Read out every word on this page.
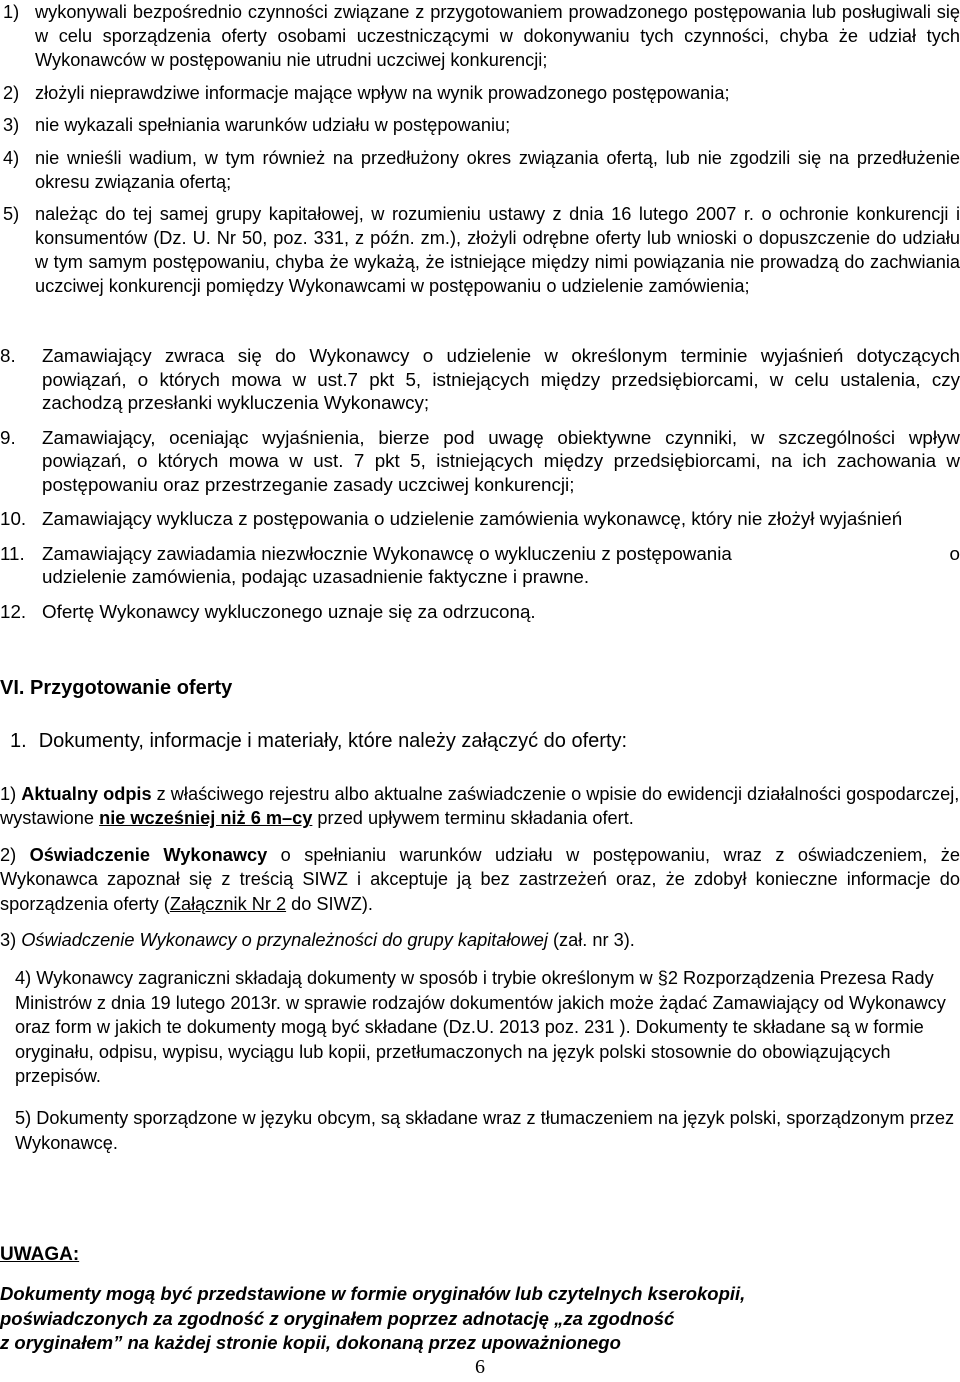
1) wykonywali bezpośrednio czynności związane z przygotowaniem prowadzonego postępowania lub posługiwali się w celu sporządzenia oferty osobami uczestniczącymi w dokonywaniu tych czynności, chyba że udział tych Wykonawców w postępowaniu nie utrudni uczciwej konkurencji;
2) złożyli nieprawdziwe informacje mające wpływ na wynik prowadzonego postępowania;
3) nie wykazali spełniania warunków udziału w postępowaniu;
4) nie wnieśli wadium, w tym również na przedłużony okres związania ofertą, lub nie zgodzili się na przedłużenie okresu związania ofertą;
5) należąc do tej samej grupy kapitałowej, w rozumieniu ustawy z dnia 16 lutego 2007 r. o ochronie konkurencji i konsumentów (Dz. U. Nr 50, poz. 331, z późn. zm.), złożyli odrębne oferty lub wnioski o dopuszczenie do udziału w tym samym postępowaniu, chyba że wykażą, że istniejące między nimi powiązania nie prowadzą do zachwiania uczciwej konkurencji pomiędzy Wykonawcami w postępowaniu o udzielenie zamówienia;
8.	Zamawiający zwraca się do Wykonawcy o udzielenie w określonym terminie wyjaśnień dotyczących powiązań, o których mowa w ust.7 pkt 5, istniejących między przedsiębiorcami, w celu ustalenia, czy zachodzą przesłanki wykluczenia Wykonawcy;
9.	Zamawiający, oceniając wyjaśnienia, bierze pod uwagę obiektywne czynniki, w szczególności wpływ powiązań, o których mowa w ust. 7 pkt 5, istniejących między przedsiębiorcami, na ich zachowania w postępowaniu oraz przestrzeganie zasady uczciwej konkurencji;
10. Zamawiający wyklucza z postępowania o udzielenie zamówienia wykonawcę, który nie złożył wyjaśnień
11. Zamawiający zawiadamia niezwłocznie Wykonawcę o wykluczeniu z postępowania	o

udzielenie zamówienia, podając uzasadnienie faktyczne i prawne.
12. Ofertę Wykonawcy wykluczonego uznaje się za odrzuconą.
VI. Przygotowanie oferty
1. Dokumenty, informacje i materiały, które należy załączyć do oferty:

1) Aktualny odpis z właściwego rejestru albo aktualne zaświadczenie o wpisie do ewidencji działalności gospodarczej, wystawione nie wcześniej niż 6 m–cy przed upływem terminu składania ofert.

2) Oświadczenie Wykonawcy o spełnianiu warunków udziału w postępowaniu, wraz z oświadczeniem, że Wykonawca zapoznał się z treścią SIWZ i akceptuje ją bez zastrzeżeń oraz, że zdobył konieczne informacje do sporządzenia oferty (Załącznik Nr 2 do SIWZ).

3) Oświadczenie Wykonawcy o przynależności do grupy kapitałowej (zał. nr 3).

4) Wykonawcy zagraniczni składają dokumenty w sposób i trybie określonym w §2 Rozporządzenia Prezesa Rady Ministrów z dnia 19 lutego 2013r. w sprawie rodzajów dokumentów jakich może żądać Zamawiający od Wykonawcy oraz form w jakich te dokumenty mogą być składane (Dz.U. 2013 poz. 231 ). Dokumenty te składane są w formie oryginału, odpisu, wypisu, wyciągu lub kopii, przetłumaczonych na język polski stosownie do obowiązujących przepisów.

5) Dokumenty sporządzone w języku obcym, są składane wraz z tłumaczeniem na język polski, sporządzonym przez Wykonawcę.

UWAGA:
Dokumenty mogą być przedstawione w formie oryginałów lub czytelnych kserokopii,
poświadczonych za zgodność z oryginałem poprzez adnotację „za zgodność
z oryginałem” na każdej stronie kopii, dokonaną przez upoważnionego
6
